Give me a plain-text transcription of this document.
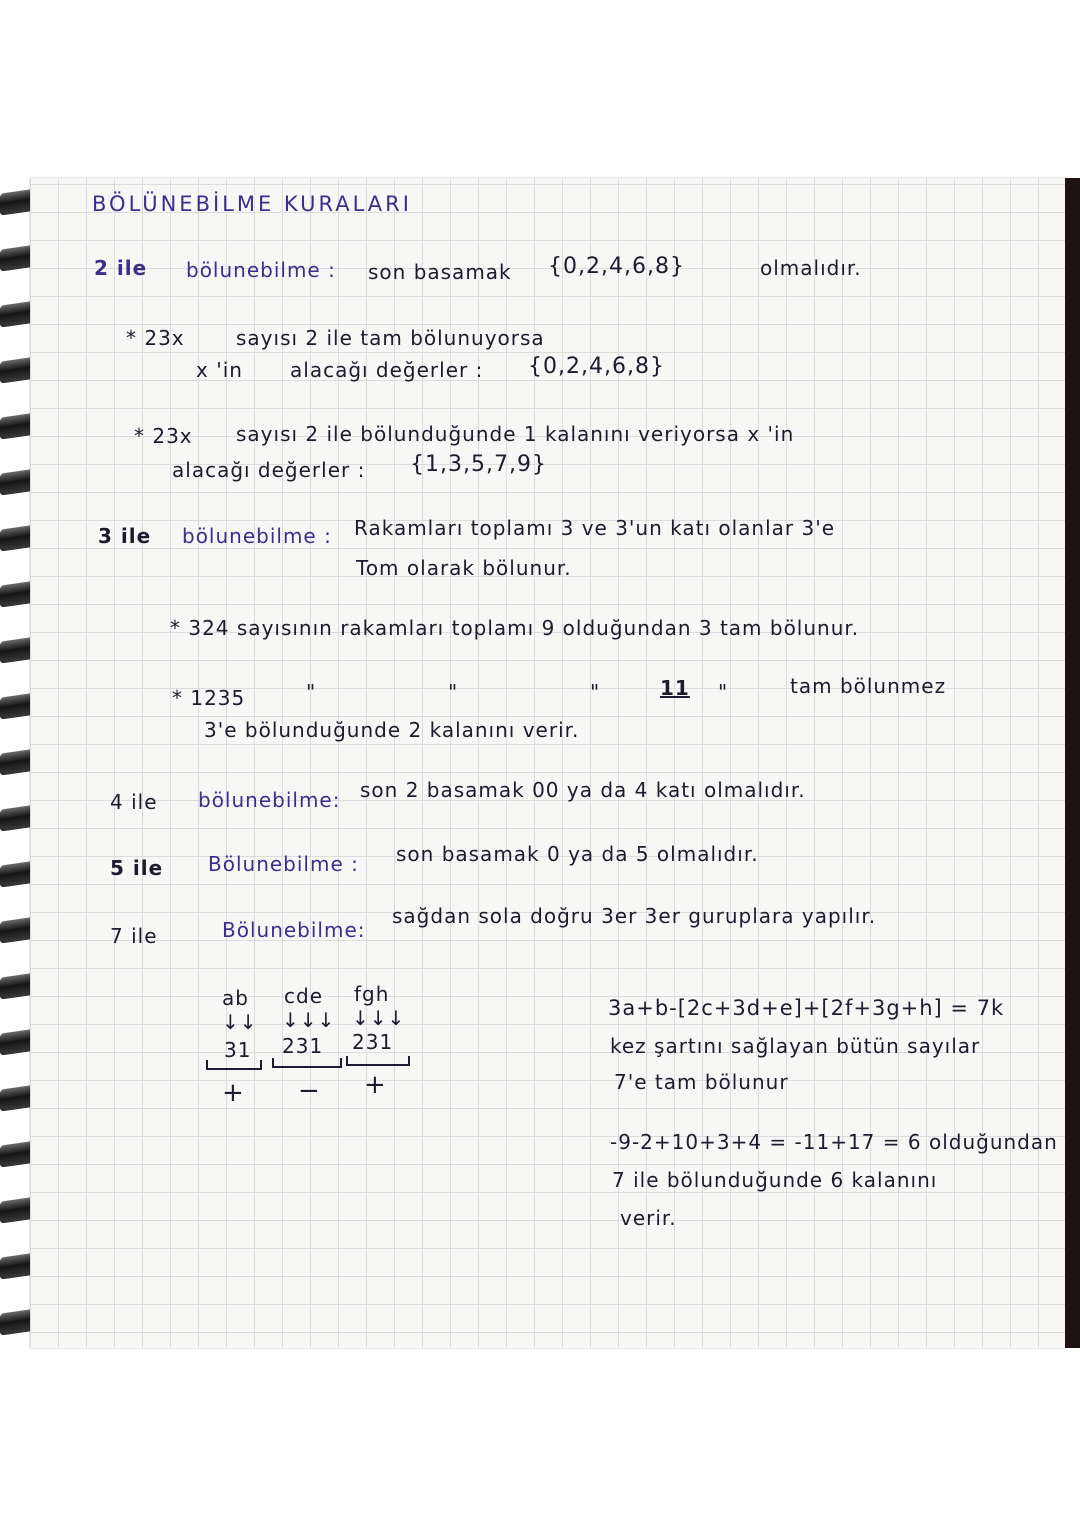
BÖLÜNEBİLME KURALARI
2 ile bölunebilme : son basamak {0,2,4,6,8}	olmalıdır.
* 23x	sayısı 2 ile tam bölunuyorsa
x 'in alacağı değerler : {0,2,4,6,8}
* 23x sayısı 2 ile bölunduğunde 1 kalanını veriyorsa x 'in
alacağı değerler : {1,3,5,7,9}
3 ile bölunebilme : Rakamları toplamı 3 ve 3'un katı olanlar 3'e
Tom olarak bölunur.
* 324 sayısının rakamları toplamı 9 olduğundan 3 tam bölunur.
* 1235	"	"	"	11 "	tam bölunmez
3'e bölunduğunde 2 kalanını verir.
4 ile bölunebilme: son 2 basamak 00 ya da 4 katı olmalıdır.
5 ile Bölunebilme : son basamak 0 ya da 5 olmalıdır.
7 ile	Bölunebilme:
sağdan sola doğru 3er 3er guruplara yapılır.
ab cde fgh
↓↓ ↓↓↓ ↓↓↓
31 231 231
+ − +
3a+b-[2c+3d+e]+[2f+3g+h] = 7k
kez şartını sağlayan bütün sayılar
7'e tam bölunur
-9-2+10+3+4 = -11+17 = 6 olduğundan
7 ile bölunduğunde 6 kalanını
verir.
